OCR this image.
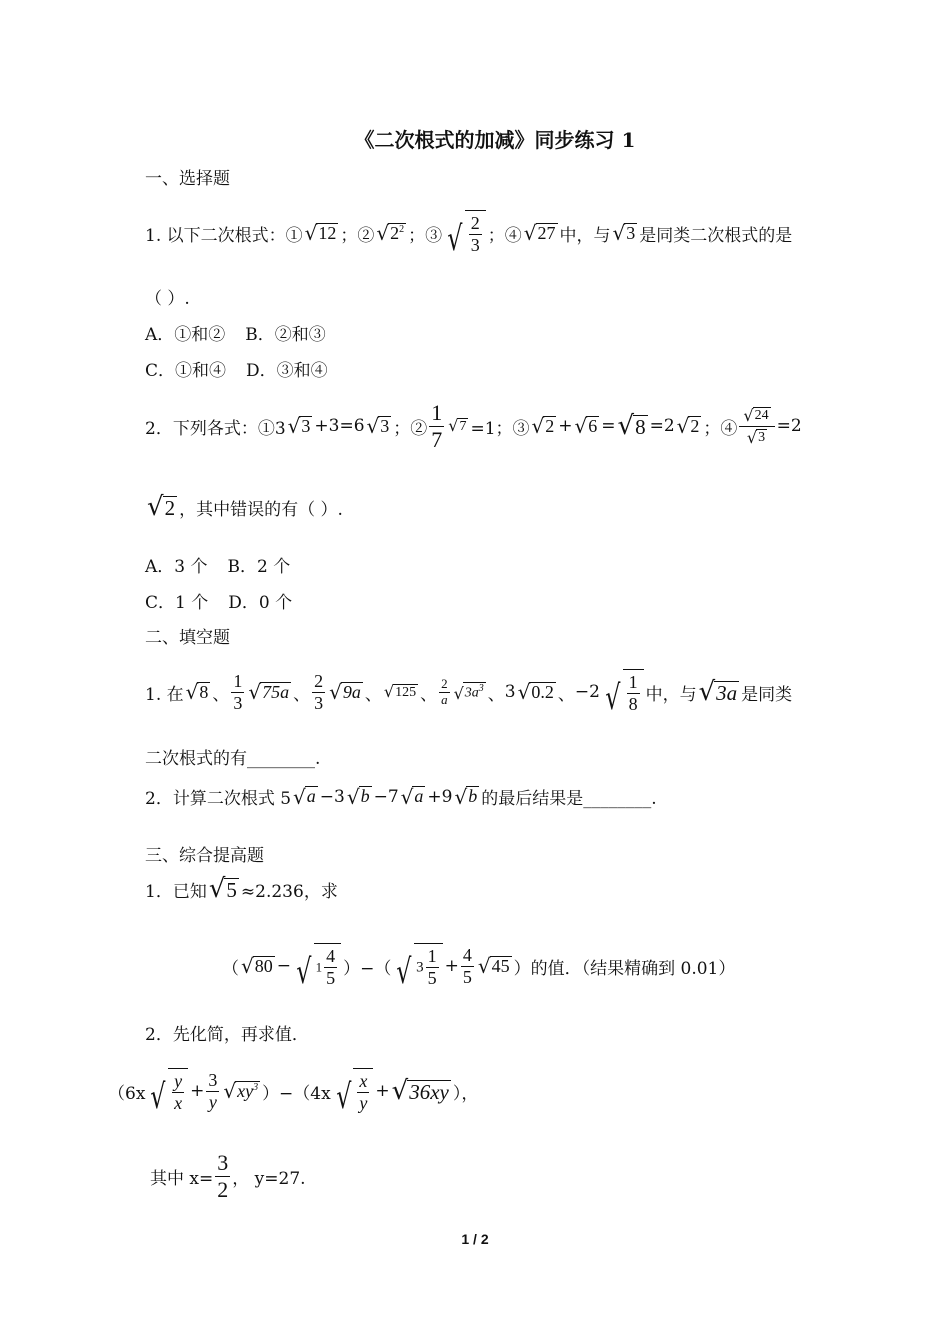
《二次根式的加减》同步练习 1
一、选择题
1. 以下二次根式：① √ 12 ；② √ $2^2$ ；③ √ $\frac{2}{3}$ ；④ √ 27 中，与 √ 3 是同类二次根式的是
（ ）.
A．①和② B．②和③
C．①和④ D．③和④
2．下列各式：①3 √ 3 +3=6 √ 3 ；② $\frac{1}{7}$ √ 7 =1；③ √ 2 + √ 6 = √ 8 =2 √ 2 ；④ $\frac{√ 24}{√ 3} =2$
√ 2 ，其中错误的有（ ）.
A．3 个 B．2 个
C．1 个 D．0 个
二、填空题
1. 在 √ 8 、 $\frac{1}{3}$ √ 75a 、 $\frac{2}{3}$ √ 9a 、 √ 125 、 $\frac{2}{a}$ √ $3a^3$ 、 3 √ 0.2 、 −2 √ $\frac{1}{8}$ 中，与 √ 3a 是同类
二次根式的有________.
2．计算二次根式 5 √ a −3 √ b −7 √ a +9 √ b 的最后结果是________.
三、综合提高题
1．已知 √ 5 ≈2.236，求
（ √ 80 − √ $1 \frac{4}{5}$ ）−（ √ $3 \frac{1}{5} + \frac{4}{5}$ √ 45 ）的值．（结果精确到 0.01）
2．先化简，再求值．
（6x √ $\frac{y}{x} + \frac{3}{y}$ √ $xy^3$ ）−（4x √ $\frac{x}{y}$ + √ 36xy ），
其中 $x= \frac{3}{2}$ ， y=27.
1 / 2
